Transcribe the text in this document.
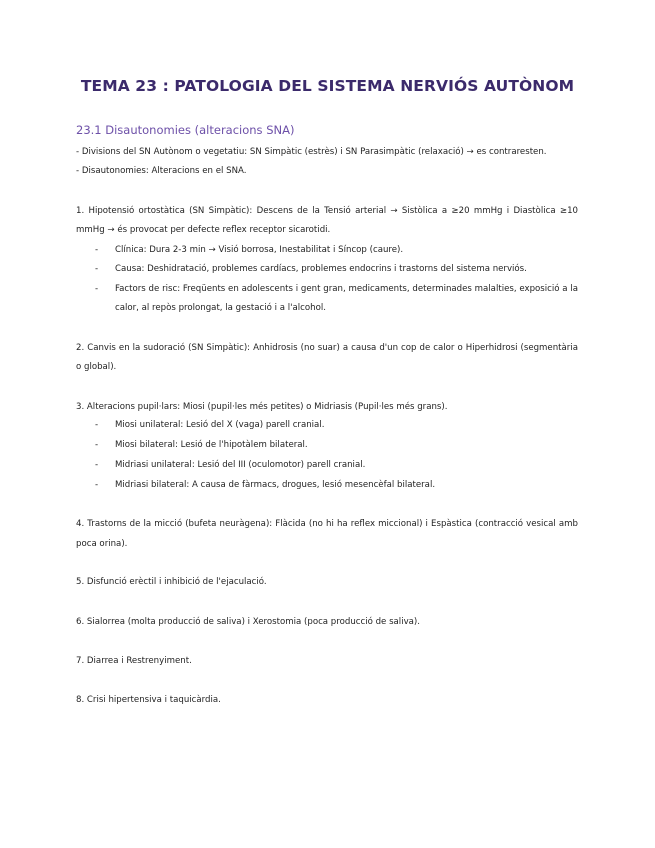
TEMA 23 : PATOLOGIA DEL SISTEMA NERVIÓS AUTÒNOM
23.1 Disautonomies (alteracions SNA)
- Divisions del SN Autònom o vegetatiu: SN Simpàtic (estrès) i SN Parasimpàtic (relaxació) → es contraresten.
- Disautonomies: Alteracions en el SNA.
1. Hipotensió ortostàtica (SN Simpàtic): Descens de la Tensió arterial → Sistòlica a ≥20 mmHg i Diastòlica ≥10
mmHg → és provocat per defecte reflex receptor sicarotidi.
- Clínica: Dura 2-3 min → Visió borrosa, Inestabilitat i Síncop (caure).
- Causa: Deshidratació, problemes cardíacs, problemes endocrins i trastorns del sistema nerviós.
- Factors de risc: Freqüents en adolescents i gent gran, medicaments, determinades malalties, exposició a la
calor, al repòs prolongat, la gestació i a l'alcohol.
2. Canvis en la sudoració (SN Simpàtic): Anhidrosis (no suar) a causa d'un cop de calor o Hiperhidrosi (segmentària
o global).
3. Alteracions pupil·lars: Miosi (pupil·les més petites) o Midriasis (Pupil·les més grans).
- Miosi unilateral: Lesió del X (vaga) parell cranial.
- Miosi bilateral: Lesió de l'hipotàlem bilateral.
- Midriasi unilateral: Lesió del III (oculomotor) parell cranial.
- Midriasi bilateral: A causa de fàrmacs, drogues, lesió mesencèfal bilateral.
4. Trastorns de la micció (bufeta neuràgena): Flàcida (no hi ha reflex miccional) i Espàstica (contracció vesical amb
poca orina).
5. Disfunció erèctil i inhibició de l'ejaculació.
6. Sialorrea (molta producció de saliva) i Xerostomia (poca producció de saliva).
7. Diarrea i Restrenyiment.
8. Crisi hipertensiva i taquicàrdia.
